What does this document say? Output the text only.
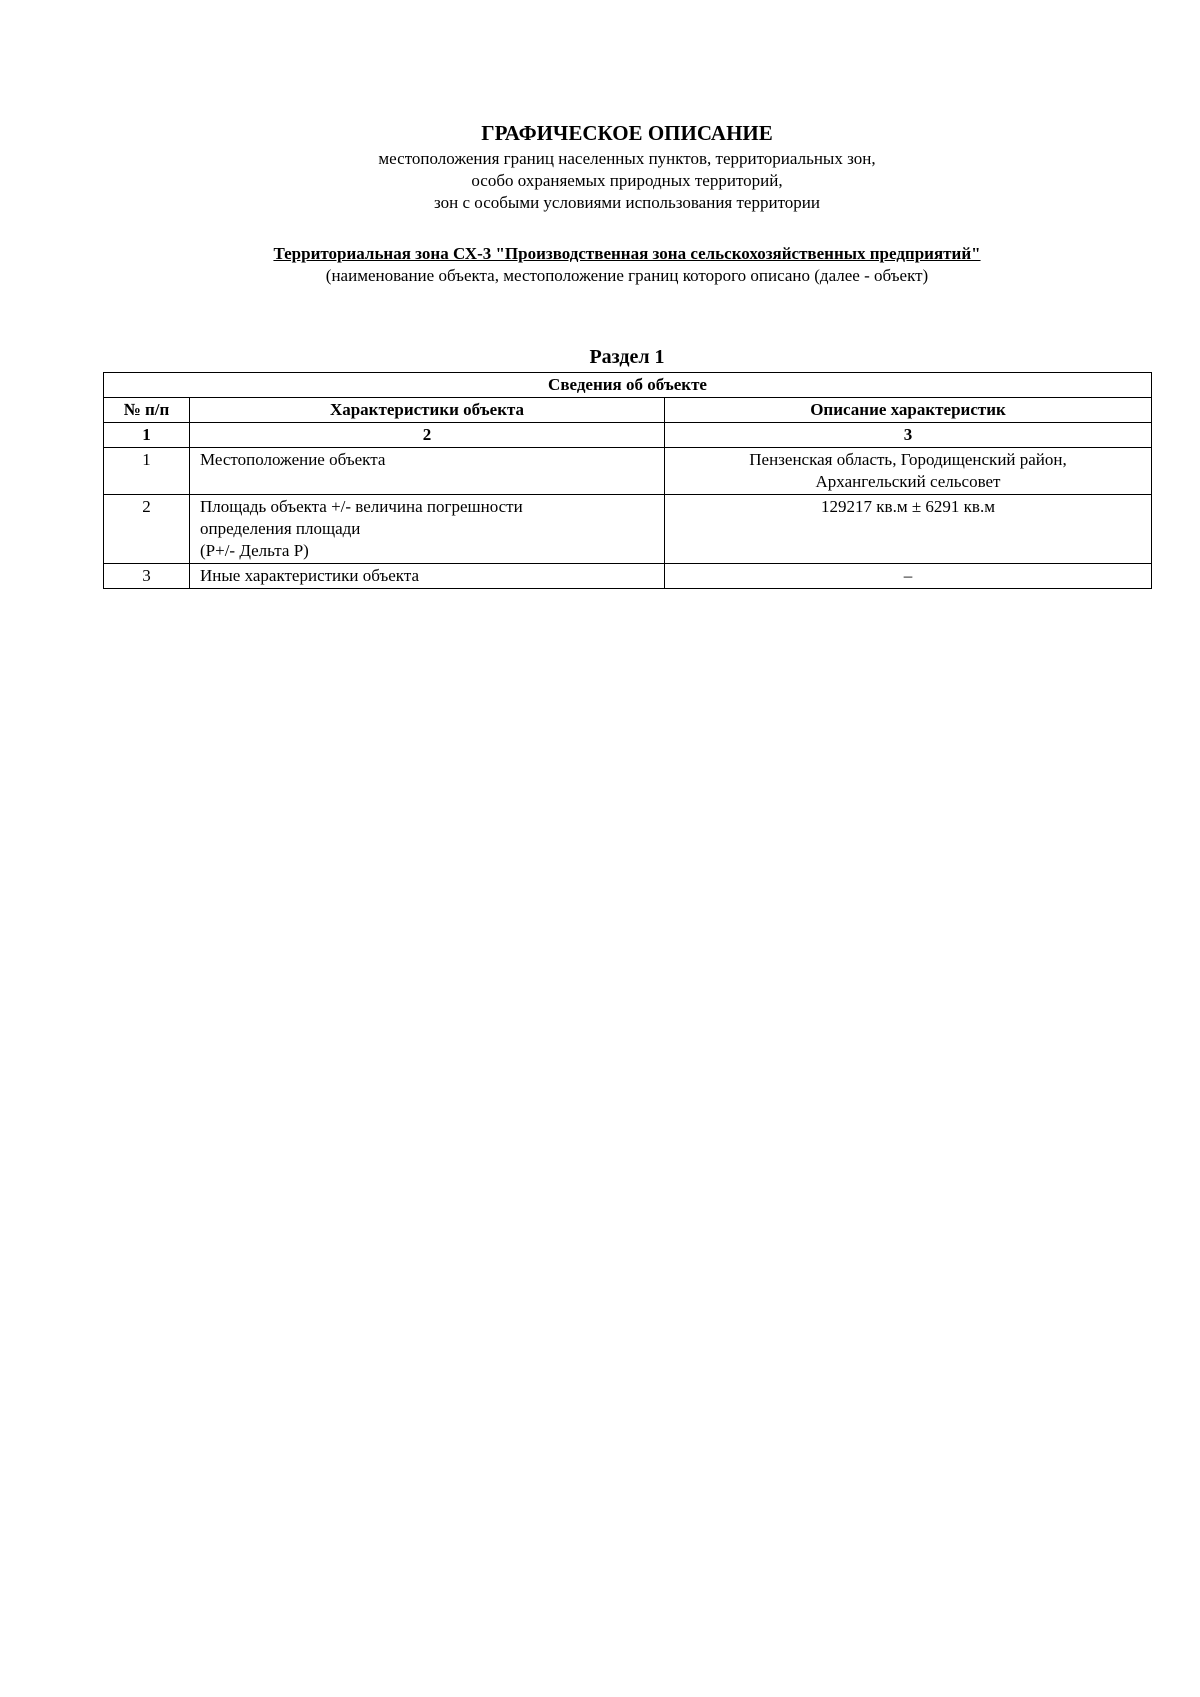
ГРАФИЧЕСКОЕ ОПИСАНИЕ
местоположения границ населенных пунктов, территориальных зон,
особо охраняемых природных территорий,
зон с особыми условиями использования территории
Территориальная зона СХ-3 "Производственная зона сельскохозяйственных предприятий"
(наименование объекта, местоположение границ которого описано (далее - объект)
Раздел 1
Сведения об объекте		
№ п/п	Характеристики объекта	Описание характеристик
1	2	3
1	Местоположение объекта	Пензенская область, Городищенский район,
Архангельский сельсовет

2	Площадь объекта +/- величина погрешности
определения площади
(P+/- Дельта P)	129217 кв.м ± 6291 кв.м

3	Иные характеристики объекта	–
